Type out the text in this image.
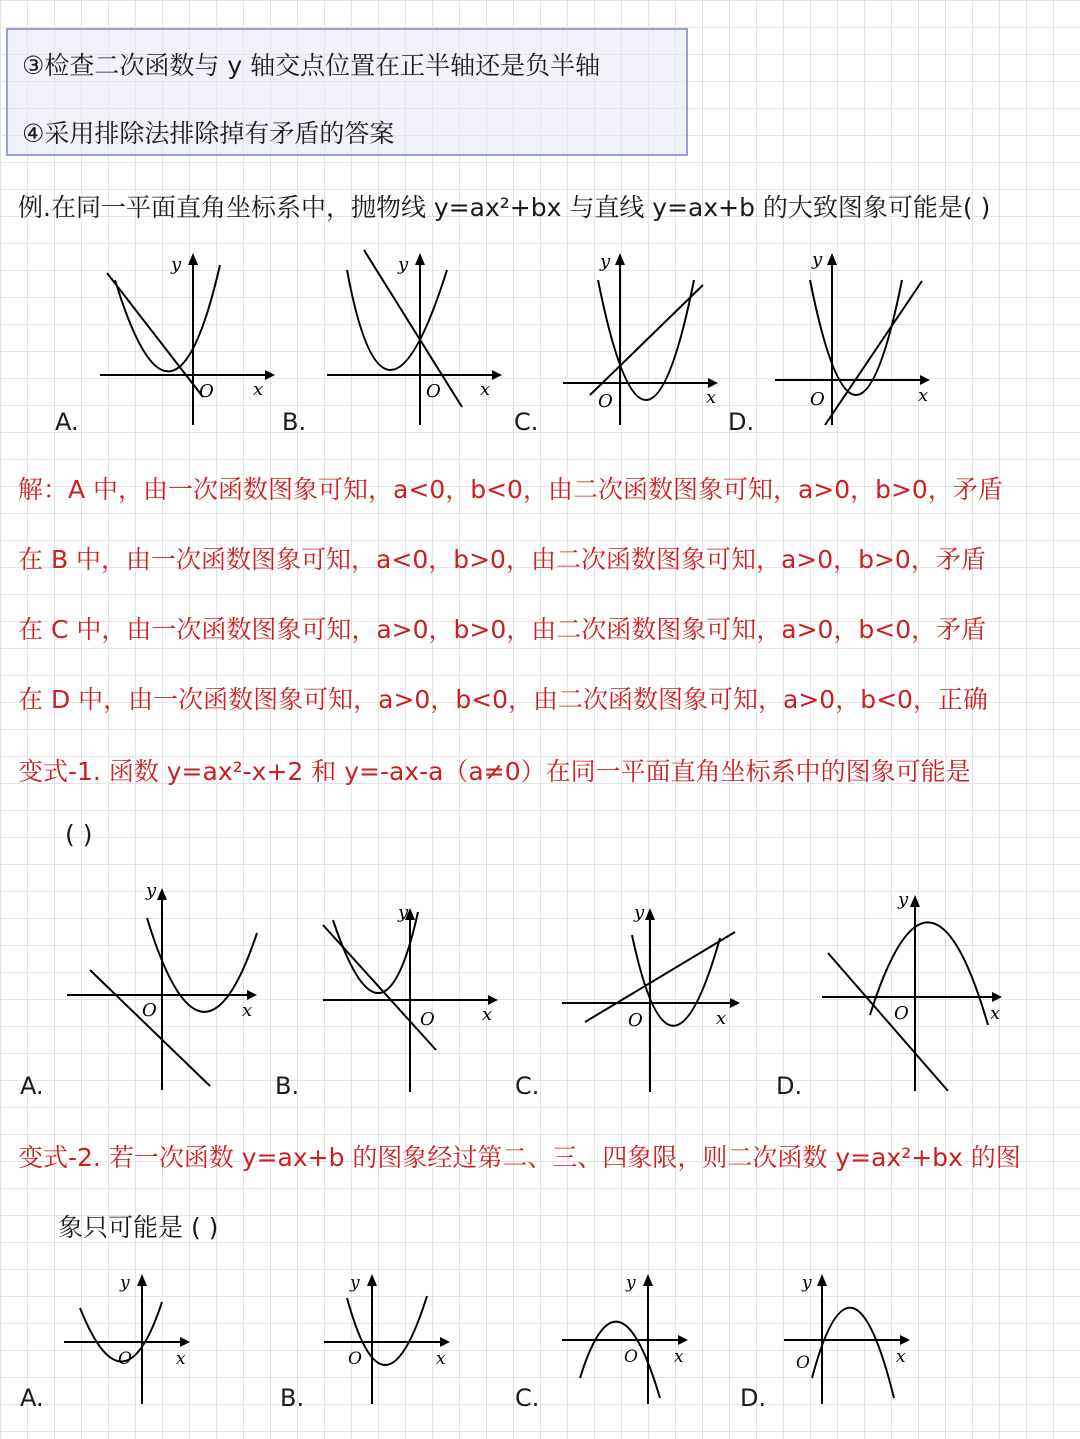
③检查二次函数与 y 轴交点位置在正半轴还是负半轴
④采用排除法排除掉有矛盾的答案
例.在同一平面直角坐标系中，抛物线 y=ax²+bx 与直线 y=ax+b 的大致图象可能是( )
y
O x
A.
y
O x
B.
y
O	x
C.
y
O	x
D.
解：A 中，由一次函数图象可知，a<0，b<0，由二次函数图象可知，a>0，b>0，矛盾
在 B 中，由一次函数图象可知，a<0，b>0，由二次函数图象可知，a>0，b>0，矛盾
在 C 中，由一次函数图象可知，a>0，b>0，由二次函数图象可知，a>0，b<0，矛盾
在 D 中，由一次函数图象可知，a>0，b<0，由二次函数图象可知，a>0，b<0，正确
变式-1. 函数 y=ax²-x+2 和 y=-ax-a（a≠0）在同一平面直角坐标系中的图象可能是
( )
y
O	x
A.
y
O	x
B.
y
O	x
C.
y
O	x
D.
变式-2. 若一次函数 y=ax+b 的图象经过第二、三、四象限，则二次函数 y=ax²+bx 的图
象只可能是 ( )
y
O	x
A.
y
O	x
B.
y
O x
C.
y
O	x
D.
